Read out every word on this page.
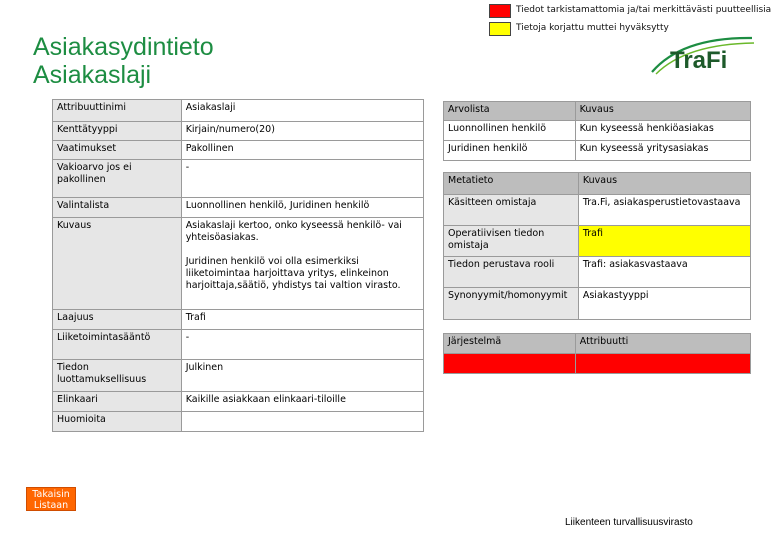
Tiedot tarkistamattomia ja/tai merkittävästi puutteellisia
Tietoja korjattu muttei hyväksytty
Asiakasydintieto
Asiakaslaji
TraFi
Attribuuttinimi	Asiakaslaji
Kenttätyyppi	Kirjain/numero(20)
Vaatimukset	Pakollinen
Vakioarvo jos ei pakollinen	-
Valintalista	Luonnollinen henkilö, Juridinen henkilö
Kuvaus	Asiakaslaji kertoo, onko kyseessä henkilö- vai yhteisöasiakas.
Juridinen henkilö voi olla esimerkiksi liiketoimintaa harjoittava yritys, elinkeinon harjoittaja,säätiö, yhdistys tai valtion virasto.

Laajuus	Trafi
Liiketoimintasääntö	-
Tiedon luottamuksellisuus	Julkinen
Elinkaari	Kaikille asiakkaan elinkaari-tiloille
Huomioita	
Arvolista	Kuvaus
Luonnollinen henkilö	Kun kyseessä henkiöasiakas
Juridinen henkilö	Kun kyseessä yritysasiakas
Metatieto	Kuvaus
Käsitteen omistaja	Tra.Fi, asiakasperustietovastaava
Operatiivisen tiedon omistaja	Trafi
Tiedon perustava rooli	Trafi: asiakasvastaava
Synonyymit/homonyymit	Asiakastyyppi
Järjestelmä	Attribuutti

Takaisin Listaan
Liikenteen turvallisuusvirasto
